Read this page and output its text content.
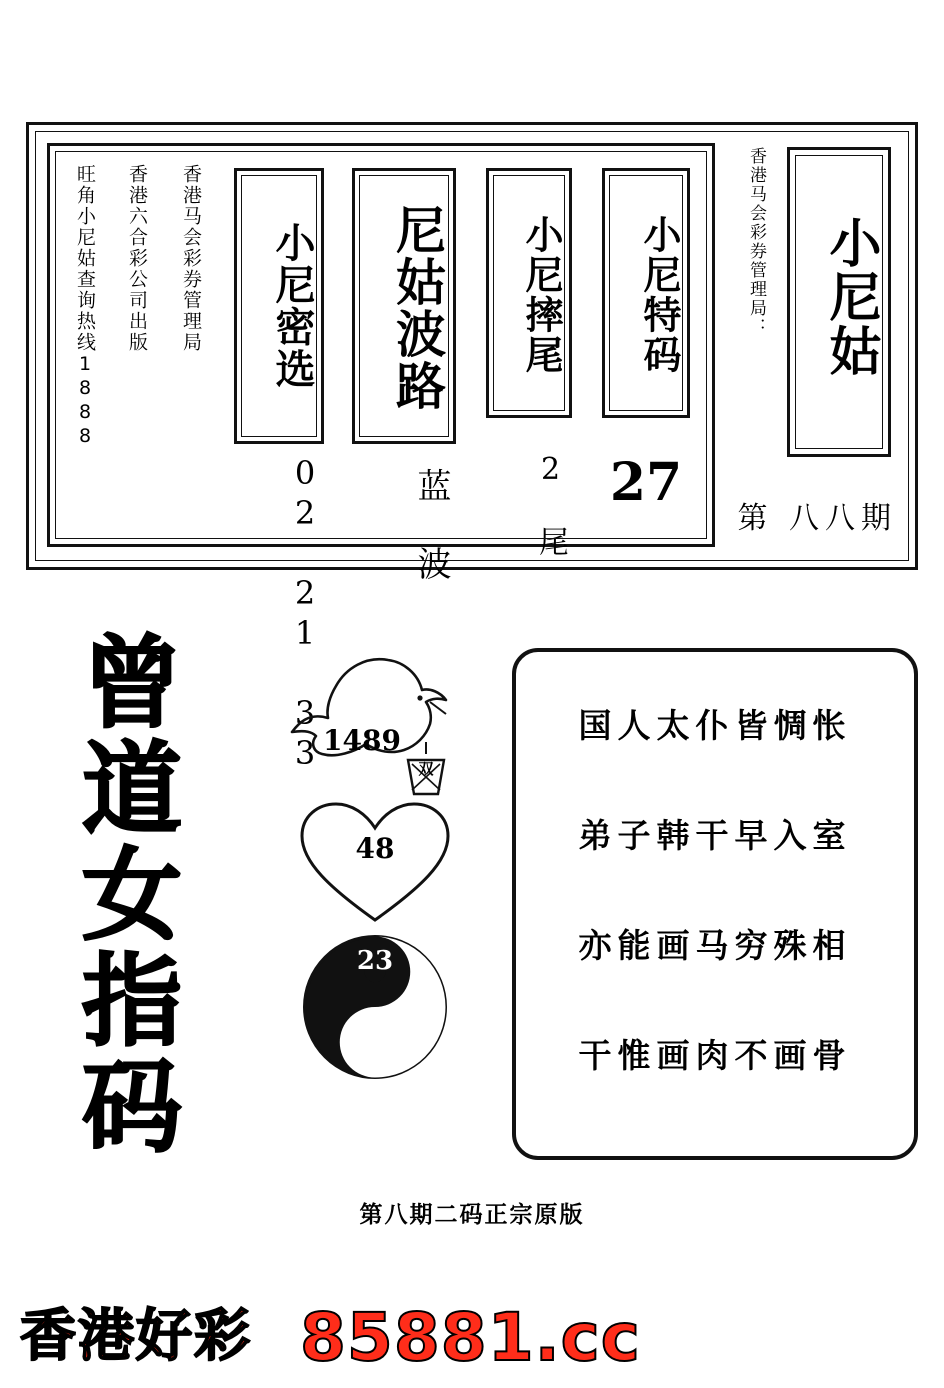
小尼姑
香港马会彩券管理局：
第 八八期
旺角小尼姑查询热线1888 香港六合彩公司出版 香港马会彩券管理局	小尼密选
02 21 33
尼姑波路
蓝 波
小尼摔尾
2 尾
小尼特码
27
曾
道
女
指
码
1489
双
48
23
国人太仆皆惆怅
弟子韩干早入室
亦能画马穷殊相
干惟画肉不画骨
第八期二码正宗原版
香港好彩 85881.cc
